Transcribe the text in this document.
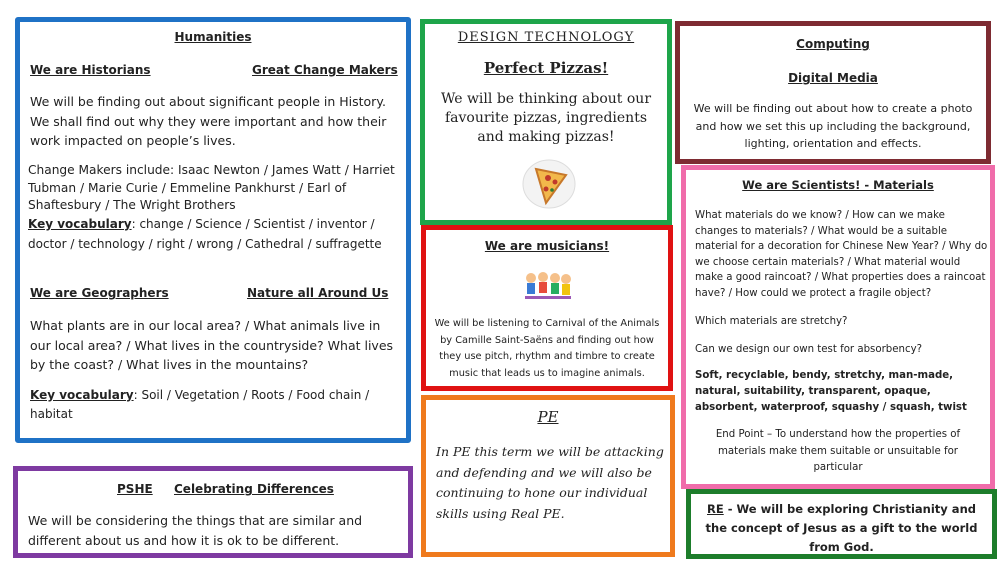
Humanities
We are Historians	Great Change Makers
We will be finding out about significant people in History. We shall find out why they were important and how their work impacted on people’s lives.
Change Makers include: Isaac Newton / James Watt / Harriet Tubman / Marie Curie / Emmeline Pankhurst / Earl of Shaftesbury / The Wright Brothers
Key vocabulary: change / Science / Scientist / inventor / doctor / technology / right / wrong / Cathedral / suffragette
We are Geographers	Nature all Around Us
What plants are in our local area? / What animals live in our local area? / What lives in the countryside? What lives by the coast? / What lives in the mountains?
Key vocabulary: Soil / Vegetation / Roots / Food chain / habitat
DESIGN TECHNOLOGY
Perfect Pizzas!
We will be thinking about our favourite pizzas, ingredients and making pizzas!
Computing
Digital Media
We will be finding out about how to create a photo and how we set this up including the background, lighting, orientation and effects.
We are musicians!
We will be listening to Carnival of the Animals by Camille Saint-Saëns and finding out how they use pitch, rhythm and timbre to create music that leads us to imagine animals.
We are Scientists! - Materials
What materials do we know? / How can we make changes to materials? / What would be a suitable material for a decoration for Chinese New Year? / Why do we choose certain materials? / What material would make a good raincoat? / What properties does a raincoat have? / How could we protect a fragile object?
Which materials are stretchy?
Can we design our own test for absorbency?
Soft, recyclable, bendy, stretchy, man-made, natural, suitability, transparent, opaque, absorbent, waterproof, squashy / squash, twist
End Point – To understand how the properties of materials make them suitable or unsuitable for particular
PE
In PE this term we will be attacking and defending and we will also be continuing to hone our individual skills using Real PE.
PSHE Celebrating Differences
We will be considering the things that are similar and different about us and how it is ok to be different.
RE - We will be exploring Christianity and the concept of Jesus as a gift to the world from God.
